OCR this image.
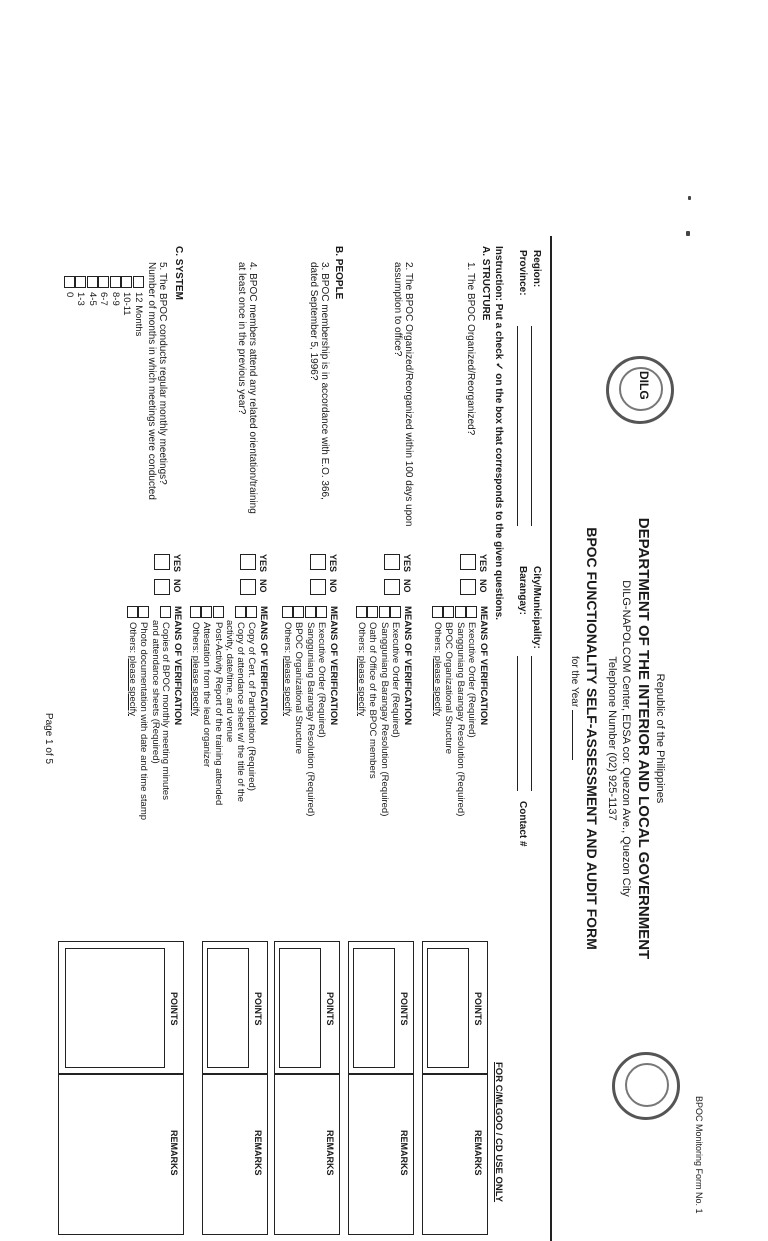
BPOC Monitoring Form No. 1
DILG
Republic of the Philippines
DEPARTMENT OF THE INTERIOR AND LOCAL GOVERNMENT
DILG-NAPOLCOM Center, EDSA cor. Quezon Ave., Quezon City
Telephone Number (02) 925-1137
BPOC FUNCTIONALITY SELF-ASSESSMENT AND AUDIT FORM
for the Year
Region:
Province:
City/Municipality:
Barangay:
Contact #
Instruction: Put a check ✓ on the box that corresponds to the given questions.
FOR C/MLGOO / CD USE ONLY
A. STRUCTURE
1. The BPOC Organized/Reorganized?
YES
NO
MEANS OF VERIFICATION
Executive Order (Required)
Sangguniang Barangay Resolution (Required)
BPOC Organizational Structure
Others: please specify
POINTS
REMARKS
2. The BPOC Organized/Reorganized within 100 days upon
assumption to office?
YES
NO
MEANS OF VERIFICATION
Executive Order (Required)
Sangguniang Barangay Resolution (Required)
Oath of Office of the BPOC members
Others: please specify
POINTS
REMARKS
B. PEOPLE
3. BPOC membership is in accordance with E.O. 366,
dated September 5, 1996?
YES
NO
MEANS OF VERIFICATION
Executive Order (Required)
Sangguniang Barangay Resolution (Required)
BPOC Organizational Structure
Others: please specify
POINTS
REMARKS
4. BPOC members attend any related orientation/training
at least once in the previous year?
YES
NO
MEANS OF VERIFICATION
Copy of Cert. of Participation (Required)
Copy of attendance sheet w/ the title of the
activity, date/time, and venue
Post-Activity Report of the training attended
Attestation from the lead organizer
Others: please specify
POINTS
REMARKS
C. SYSTEM
5. The BPOC conducts regular monthly meetings?
Number of months in which meetings were conducted
12 Months
10-11
8-9
6-7
4-5
1-3
0
YES
NO
MEANS OF VERIFICATION
Copies of BPOC monthly meeting minutes
and attendance sheets (Required)
Photo documentation with date and time stamp
Others: please specify
POINTS
REMARKS
Page 1 of 5
